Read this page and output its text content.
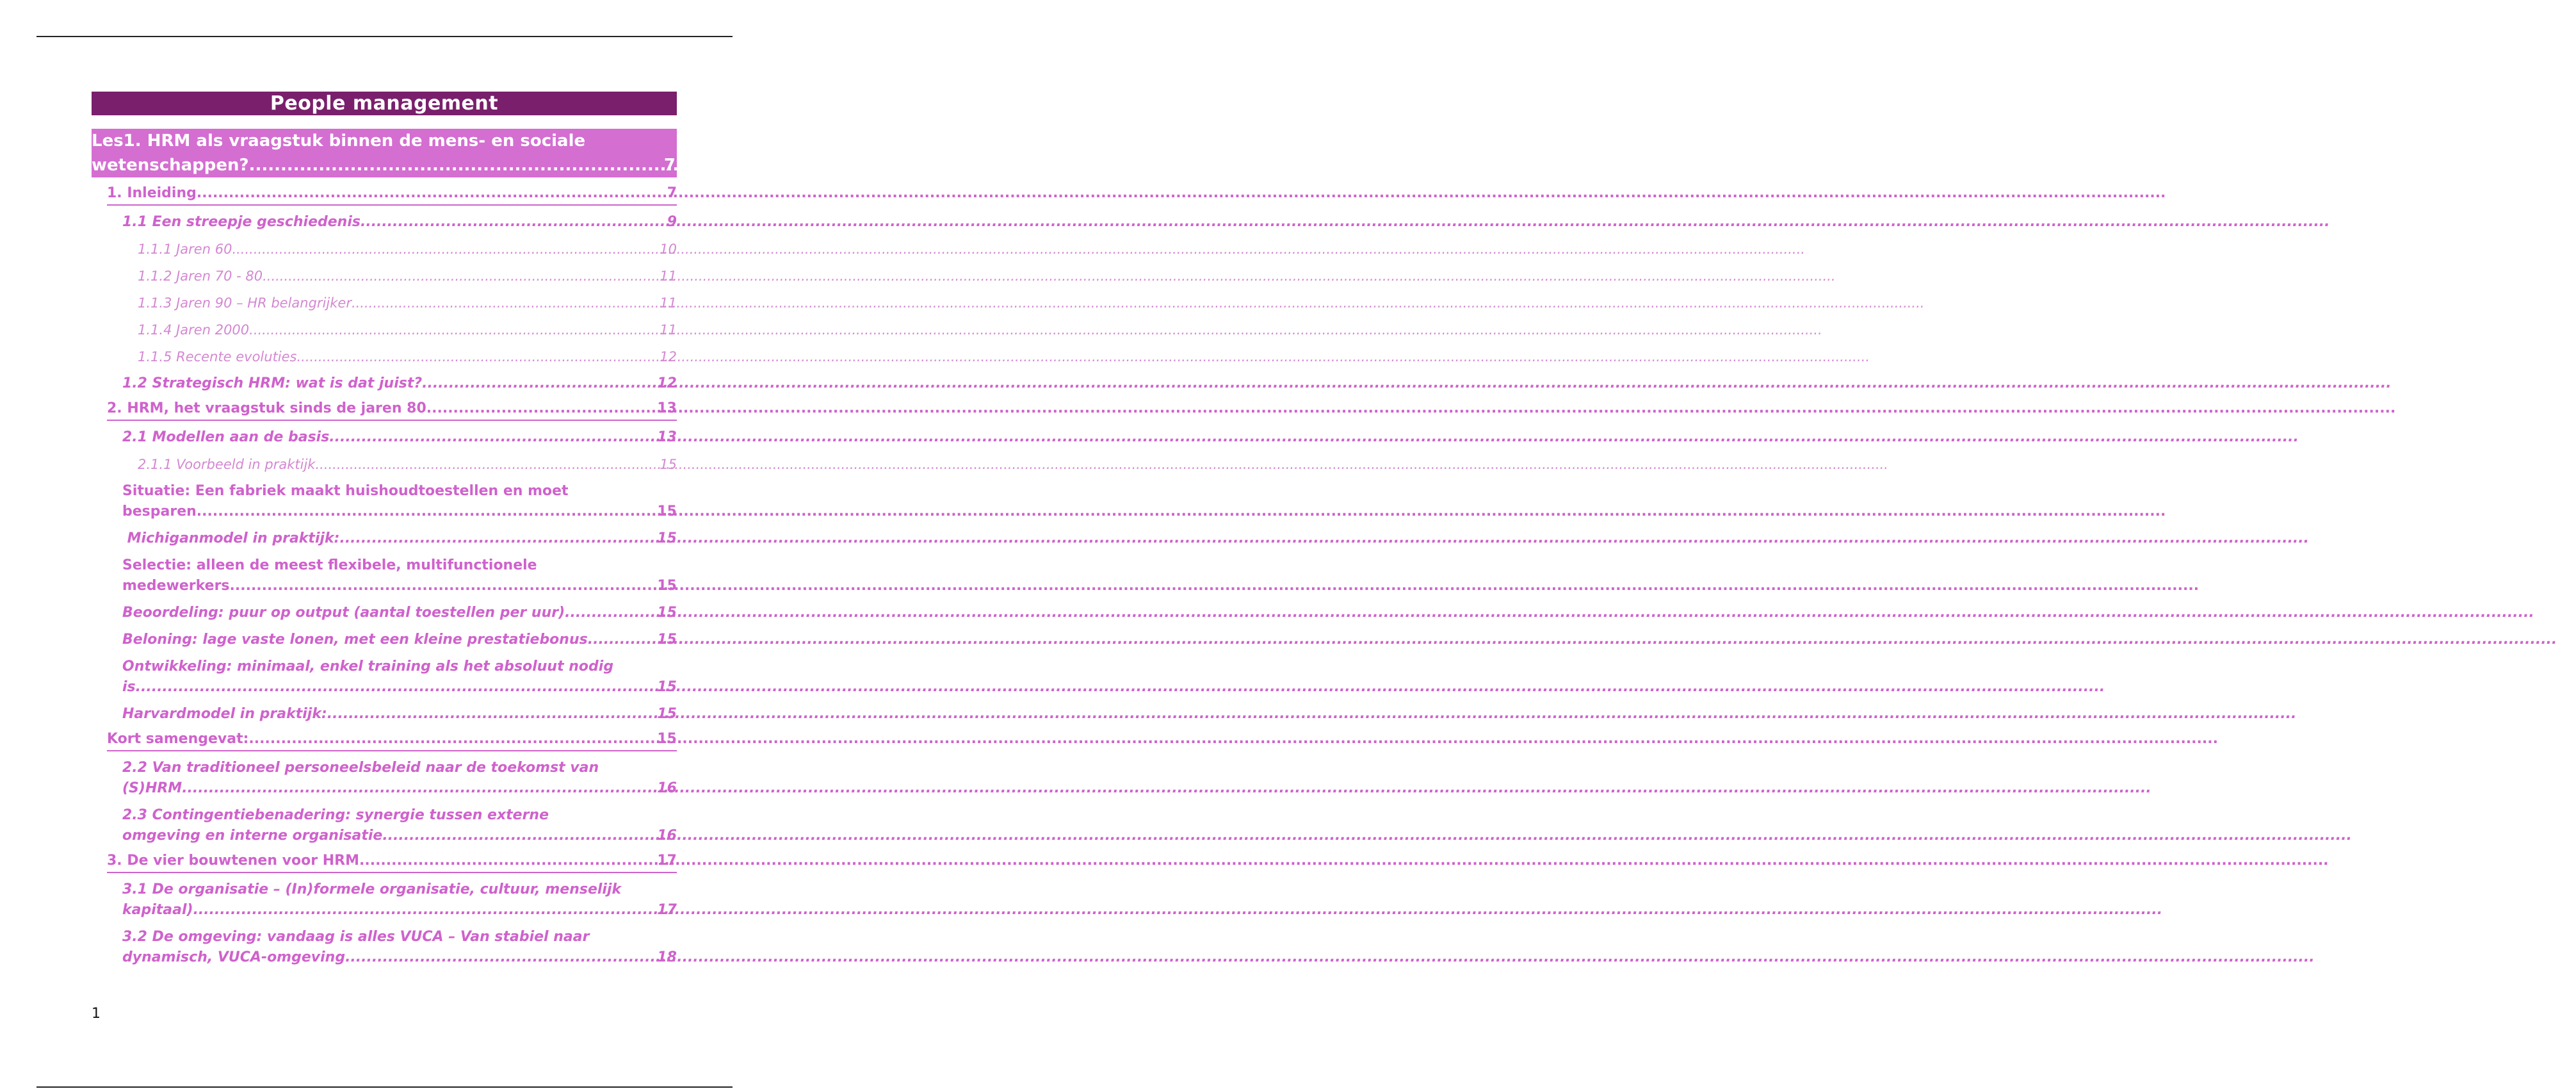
People management
Les1. HRM als vraagstuk binnen de mens- en sociale
wetenschappen? .....	7
1. Inleiding .....	7
1.1 Een streepje geschiedenis .....	9
1.1.1 Jaren 60 .....	10
1.1.2 Jaren 70 - 80 .....	11
1.1.3 Jaren 90 – HR belangrijker .....	11
1.1.4 Jaren 2000 .....	11
1.1.5 Recente evoluties .....	12
1.2 Strategisch HRM: wat is dat juist? .....	12
2. HRM, het vraagstuk sinds de jaren 80 .....	13
2.1 Modellen aan de basis .....	13
2.1.1 Voorbeeld in praktijk .....	15
Situatie: Een fabriek maakt huishoudtoestellen en moet
besparen .....	15
Michiganmodel in praktijk: .....	15
Selectie: alleen de meest flexibele, multifunctionele
medewerkers .....	15
Beoordeling: puur op output (aantal toestellen per uur) .....	15
Beloning: lage vaste lonen, met een kleine prestatiebonus .....	15
Ontwikkeling: minimaal, enkel training als het absoluut nodig
is .....	15
Harvardmodel in praktijk: .....	15
Kort samengevat: .....	15
2.2 Van traditioneel personeelsbeleid naar de toekomst van
(S)HRM .....	16
2.3 Contingentiebenadering: synergie tussen externe
omgeving en interne organisatie .....	16
3. De vier bouwtenen voor HRM .....	17
3.1 De organisatie – (In)formele organisatie, cultuur, menselijk
kapitaal) .....	17
3.2 De omgeving: vandaag is alles VUCA – Van stabiel naar
dynamisch, VUCA-omgeving .....	18
1
